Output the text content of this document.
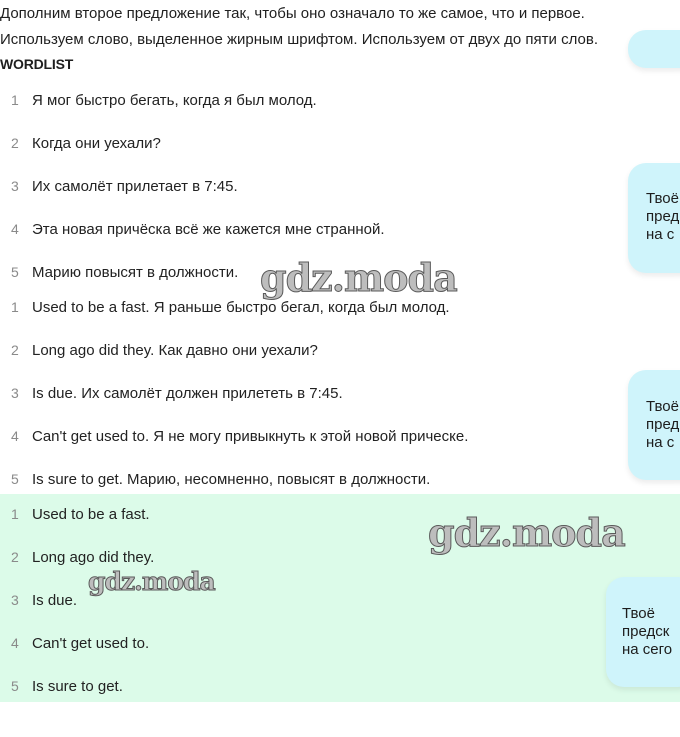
Дополним второе предложение так, чтобы оно означало то же самое, что и первое.
Используем слово, выделенное жирным шрифтом. Используем от двух до пяти слов.
WORDLIST
1 Я мог быстро бегать, когда я был молод.
2 Когда они уехали?
3 Их самолёт прилетает в 7:45.
4 Эта новая причёска всё же кажется мне странной.
5 Марию повысят в должности.
Твоё
пред
на с
1 Used to be a fast. Я раньше быстро бегал, когда был молод.
2 Long ago did they. Как давно они уехали?
3 Is due. Их самолёт должен прилететь в 7:45.
4 Can't get used to. Я не могу привыкнуть к этой новой прическе.
5 Is sure to get. Марию, несомненно, повысят в должности.
Твоё
пред
на с
1 Used to be a fast.
2 Long ago did they.
3 Is due.
4 Can't get used to.
5 Is sure to get.
Твоё
предск
на сего
gdz.moda
gdz.moda
gdz.moda
